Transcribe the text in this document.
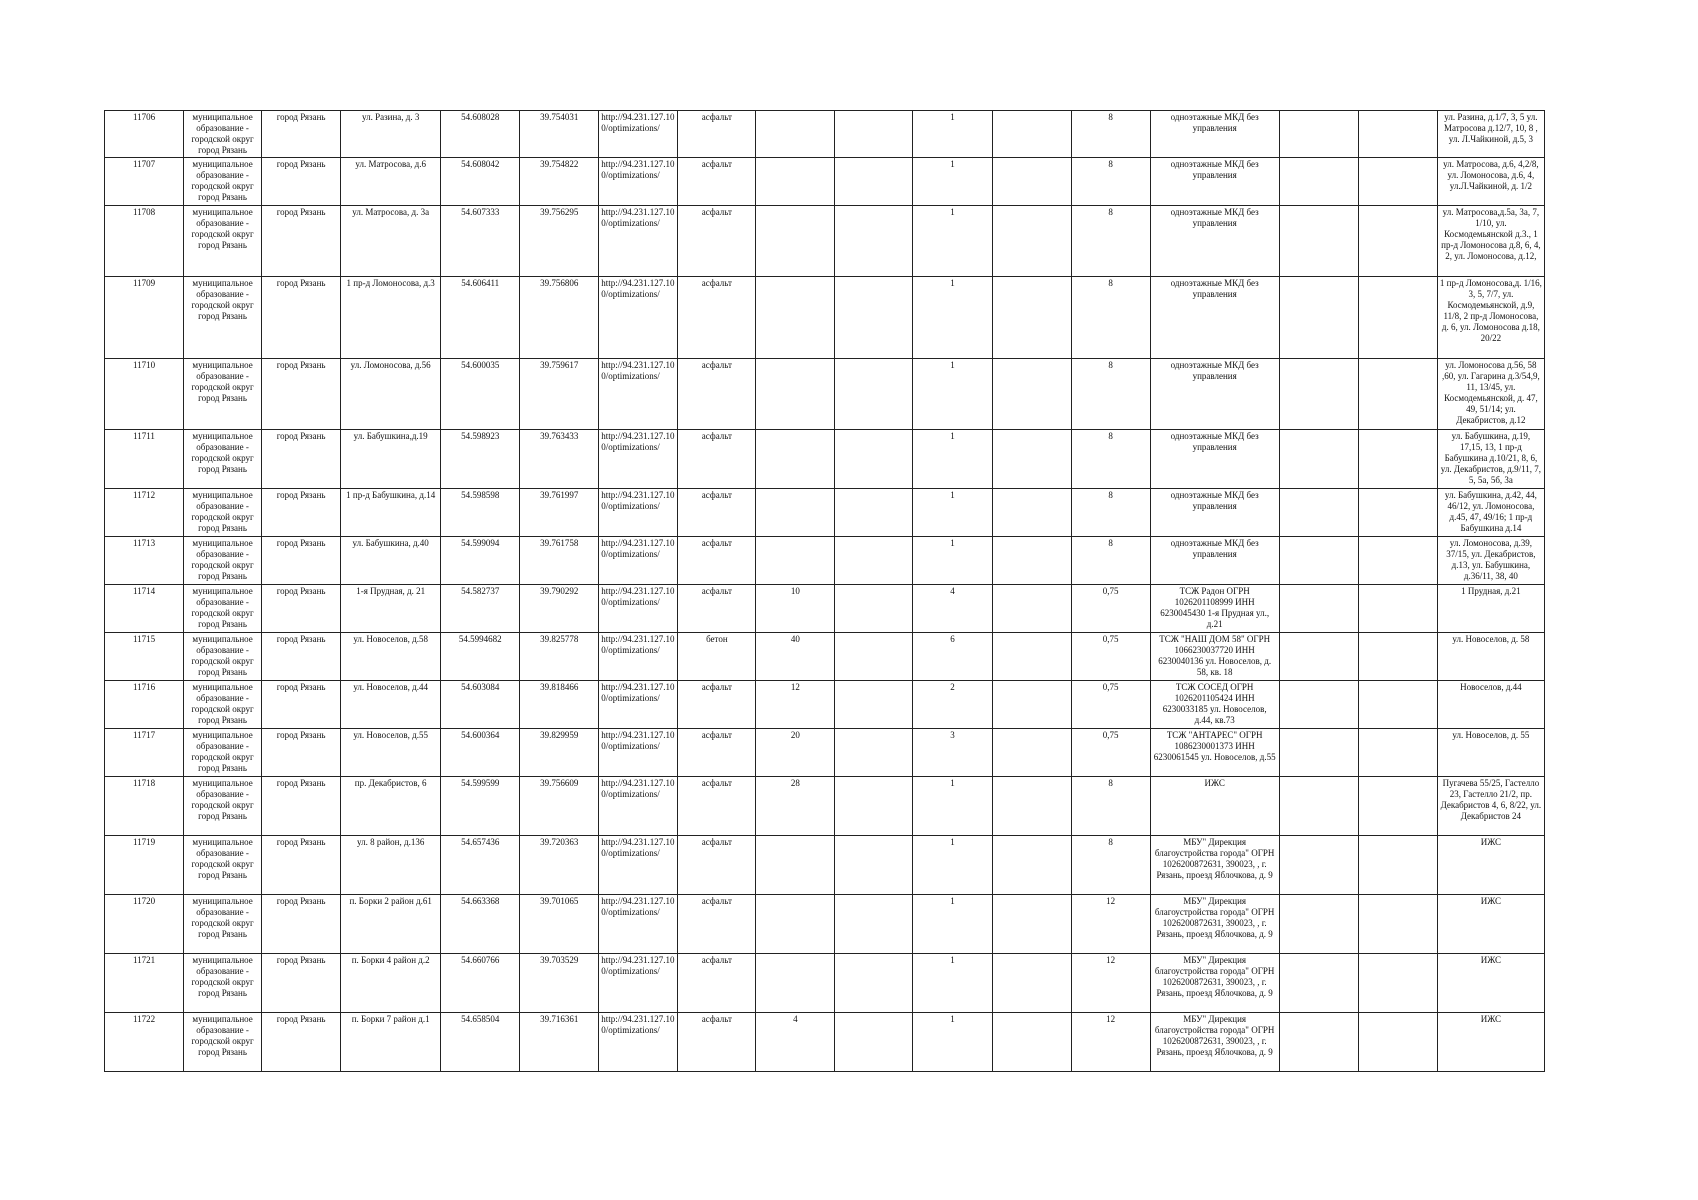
11706	муниципальное образование - городской округ город Рязань	город Рязань	ул. Разина, д. 3	54.608028	39.754031	http://94.231.127.100/optimizations/	асфальт			1		8	одноэтажные МКД без управления			ул. Разина, д.1/7, 3, 5 ул. Матросова д.12/7, 10, 8 , ул. Л.Чайкиной, д.5, 3
11707	муниципальное образование - городской округ город Рязань	город Рязань	ул. Матросова, д.6	54.608042	39.754822	http://94.231.127.100/optimizations/	асфальт			1		8	одноэтажные МКД без управления			ул. Матросова, д.6, 4,2/8, ул. Ломоносова, д.6, 4, ул.Л.Чайкиной, д. 1/2
11708	муниципальное образование - городской округ город Рязань	город Рязань	ул. Матросова, д. 3а	54.607333	39.756295	http://94.231.127.100/optimizations/	асфальт			1		8	одноэтажные МКД без управления			ул. Матросова,д.5а, 3а, 7, 1/10, ул. Космодемьянской д.3., 1 пр-д Ломоносова д.8, 6, 4, 2, ул. Ломоносова, д.12,
11709	муниципальное образование - городской округ город Рязань	город Рязань	1 пр-д Ломоносова, д.3	54.606411	39.756806	http://94.231.127.100/optimizations/	асфальт			1		8	одноэтажные МКД без управления			1 пр-д Ломоносова,д. 1/16, 3, 5, 7/7, ул. Космодемьянской, д.9, 11/8, 2 пр-д Ломоносова, д. 6, ул. Ломоносова д.18, 20/22
11710	муниципальное образование - городской округ город Рязань	город Рязань	ул. Ломоносова, д.56	54.600035	39.759617	http://94.231.127.100/optimizations/	асфальт			1		8	одноэтажные МКД без управления			ул. Ломоносова д.56, 58 ,60, ул. Гагарина д.3/54,9, 11, 13/45, ул. Космодемьянской, д. 47, 49, 51/14; ул. Декабристов, д.12
11711	муниципальное образование - городской округ город Рязань	город Рязань	ул. Бабушкина,д.19	54.598923	39.763433	http://94.231.127.100/optimizations/	асфальт			1		8	одноэтажные МКД без управления			ул. Бабушкина, д.19, 17,15, 13, 1 пр-д Бабушкина д.10/21, 8, 6, ул. Декабристов, д.9/11, 7, 5, 5а, 5б, 3а
11712	муниципальное образование - городской округ город Рязань	город Рязань	1 пр-д Бабушкина, д.14	54.598598	39.761997	http://94.231.127.100/optimizations/	асфальт			1		8	одноэтажные МКД без управления			ул. Бабушкина, д.42, 44, 46/12, ул. Ломоносова, д.45, 47, 49/16; 1 пр-д Бабушкина д.14
11713	муниципальное образование - городской округ город Рязань	город Рязань	ул. Бабушкина, д.40	54.599094	39.761758	http://94.231.127.100/optimizations/	асфальт			1		8	одноэтажные МКД без управления			ул. Ломоносова, д.39, 37/15, ул. Декабристов, д.13, ул. Бабушкина, д.36/11, 38, 40
11714	муниципальное образование - городской округ город Рязань	город Рязань	1-я Прудная, д. 21	54.582737	39.790292	http://94.231.127.100/optimizations/	асфальт	10		4		0,75	ТСЖ Радон ОГРН 1026201108999 ИНН 6230045430 1-я Прудная ул., д.21			1 Прудная, д.21
11715	муниципальное образование - городской округ город Рязань	город Рязань	ул. Новоселов, д.58	54.5994682	39.825778	http://94.231.127.100/optimizations/	бетон	40		6		0,75	ТСЖ "НАШ ДОМ 58" ОГРН 1066230037720 ИНН 6230040136 ул. Новоселов, д. 58, кв. 18			ул. Новоселов, д. 58
11716	муниципальное образование - городской округ город Рязань	город Рязань	ул. Новоселов, д.44	54.603084	39.818466	http://94.231.127.100/optimizations/	асфальт	12		2		0,75	ТСЖ СОСЕД ОГРН 1026201105424 ИНН 6230033185 ул. Новоселов, д.44, кв.73			Новоселов, д.44
11717	муниципальное образование - городской округ город Рязань	город Рязань	ул. Новоселов, д.55	54.600364	39.829959	http://94.231.127.100/optimizations/	асфальт	20		3		0,75	ТСЖ "АНТАРЕС" ОГРН 1086230001373 ИНН 6230061545 ул. Новоселов, д.55			ул. Новоселов, д. 55
11718	муниципальное образование - городской округ город Рязань	город Рязань	пр. Декабристов, 6	54.599599	39.756609	http://94.231.127.100/optimizations/	асфальт	28		1		8	ИЖС			Пугачева 55/25, Гастелло 23, Гастелло 21/2, пр. Декабристов 4, 6, 8/22, ул. Декабристов 24
11719	муниципальное образование - городской округ город Рязань	город Рязань	ул. 8 район, д.136	54.657436	39.720363	http://94.231.127.100/optimizations/	асфальт			1		8	МБУ" Дирекция благоустройства города" ОГРН 1026200872631, 390023, , г. Рязань, проезд Яблочкова, д. 9			ИЖС
11720	муниципальное образование - городской округ город Рязань	город Рязань	п. Борки 2 район д.61	54.663368	39.701065	http://94.231.127.100/optimizations/	асфальт			1		12	МБУ" Дирекция благоустройства города" ОГРН 1026200872631, 390023, , г. Рязань, проезд Яблочкова, д. 9			ИЖС
11721	муниципальное образование - городской округ город Рязань	город Рязань	п. Борки 4 район д.2	54.660766	39.703529	http://94.231.127.100/optimizations/	асфальт			1		12	МБУ" Дирекция благоустройства города" ОГРН 1026200872631, 390023, , г. Рязань, проезд Яблочкова, д. 9			ИЖС
11722	муниципальное образование - городской округ город Рязань	город Рязань	п. Борки 7 район д.1	54.658504	39.716361	http://94.231.127.100/optimizations/	асфальт	4		1		12	МБУ" Дирекция благоустройства города" ОГРН 1026200872631, 390023, , г. Рязань, проезд Яблочкова, д. 9			ИЖС
